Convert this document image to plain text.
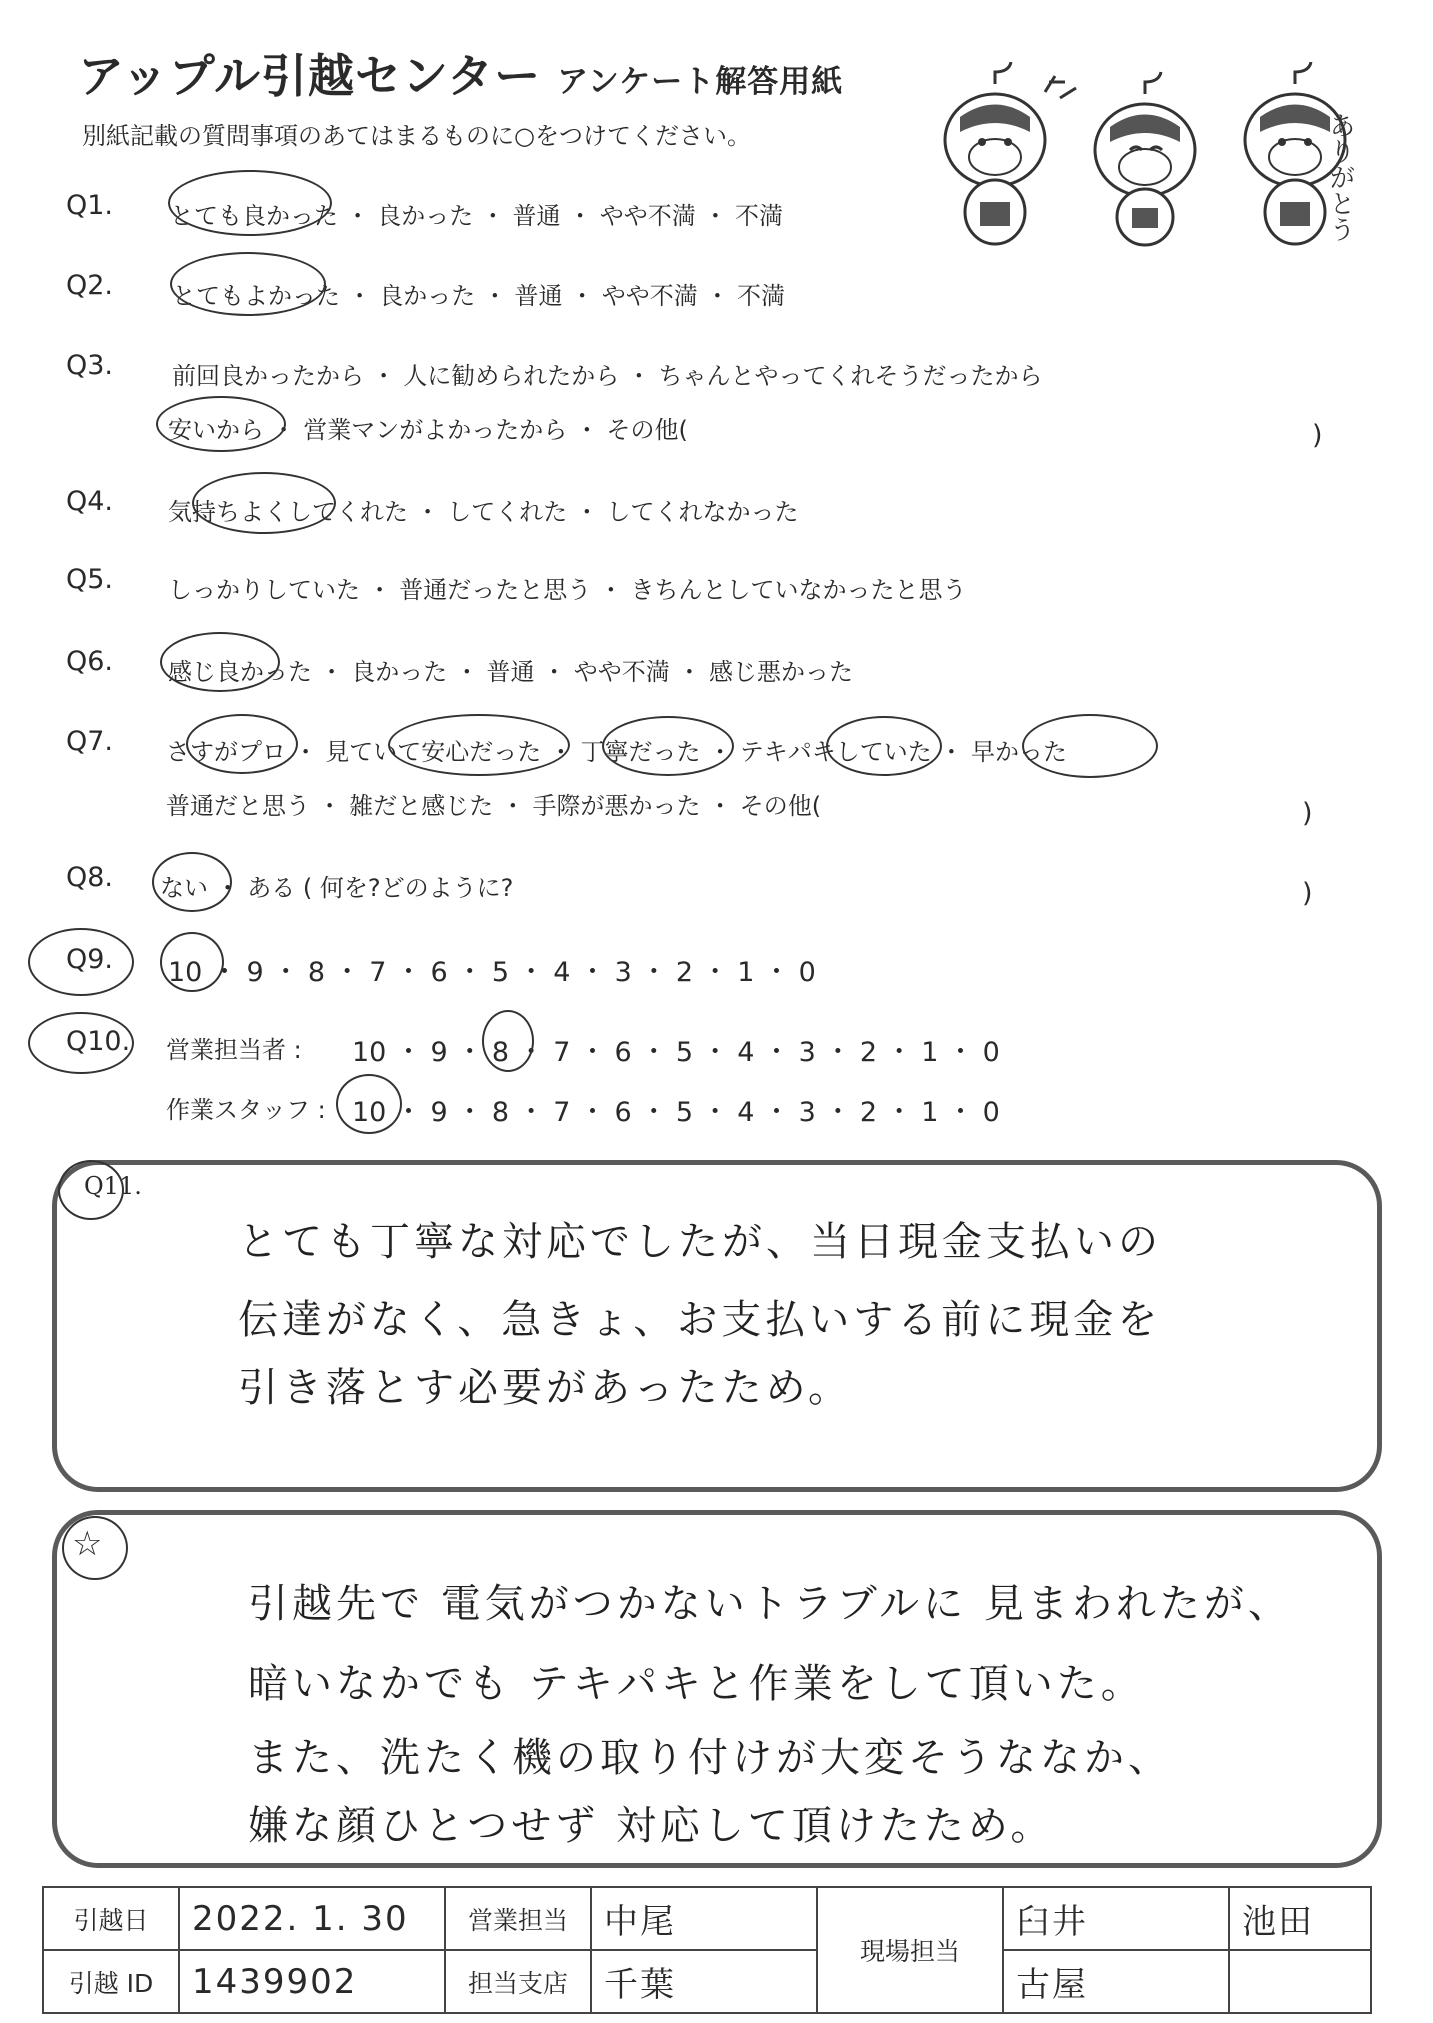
アップル引越センター アンケート解答用紙
別紙記載の質問事項のあてはまるものに○をつけてください。	ありがとう
Q1. とても良かった ・ 良かった ・ 普通 ・ やや不満 ・ 不満
Q2. とてもよかった ・ 良かった ・ 普通 ・ やや不満 ・ 不満
Q3. 前回良かったから ・ 人に勧められたから ・ ちゃんとやってくれそうだったから
安いから ・ 営業マンがよかったから ・ その他(	)
Q4. 気持ちよくしてくれた ・ してくれた ・ してくれなかった
Q5. しっかりしていた ・ 普通だったと思う ・ きちんとしていなかったと思う
Q6. 感じ良かった ・ 良かった ・ 普通 ・ やや不満 ・ 感じ悪かった
Q7. さすがプロ ・ 見ていて安心だった ・ 丁寧だった ・ テキパキしていた ・ 早かった
普通だと思う ・ 雑だと感じた ・ 手際が悪かった ・ その他(	)
Q8. ない ・ ある ( 何を?どのように?	)
Q9. 10 ・ 9 ・ 8 ・ 7 ・ 6 ・ 5 ・ 4 ・ 3 ・ 2 ・ 1 ・ 0
Q10. 営業担当者 : 10 ・ 9 ・ 8 ・ 7 ・ 6 ・ 5 ・ 4 ・ 3 ・ 2 ・ 1 ・ 0
作業スタッフ : 10 ・ 9 ・ 8 ・ 7 ・ 6 ・ 5 ・ 4 ・ 3 ・ 2 ・ 1 ・ 0
Q11.
とても丁寧な対応でしたが、当日現金支払いの
伝達がなく、急きょ、お支払いする前に現金を
引き落とす必要があったため。
☆
引越先で 電気がつかないトラブルに 見まわれたが、
暗いなかでも テキパキと作業をして頂いた。
また、洗たく機の取り付けが大変そうななか、
嫌な顔ひとつせず 対応して頂けたため。
引越日	2022. 1. 30	営業担当	中尾	現場担当	臼井	池田
引越 ID	1439902	担当支店	千葉		古屋	
